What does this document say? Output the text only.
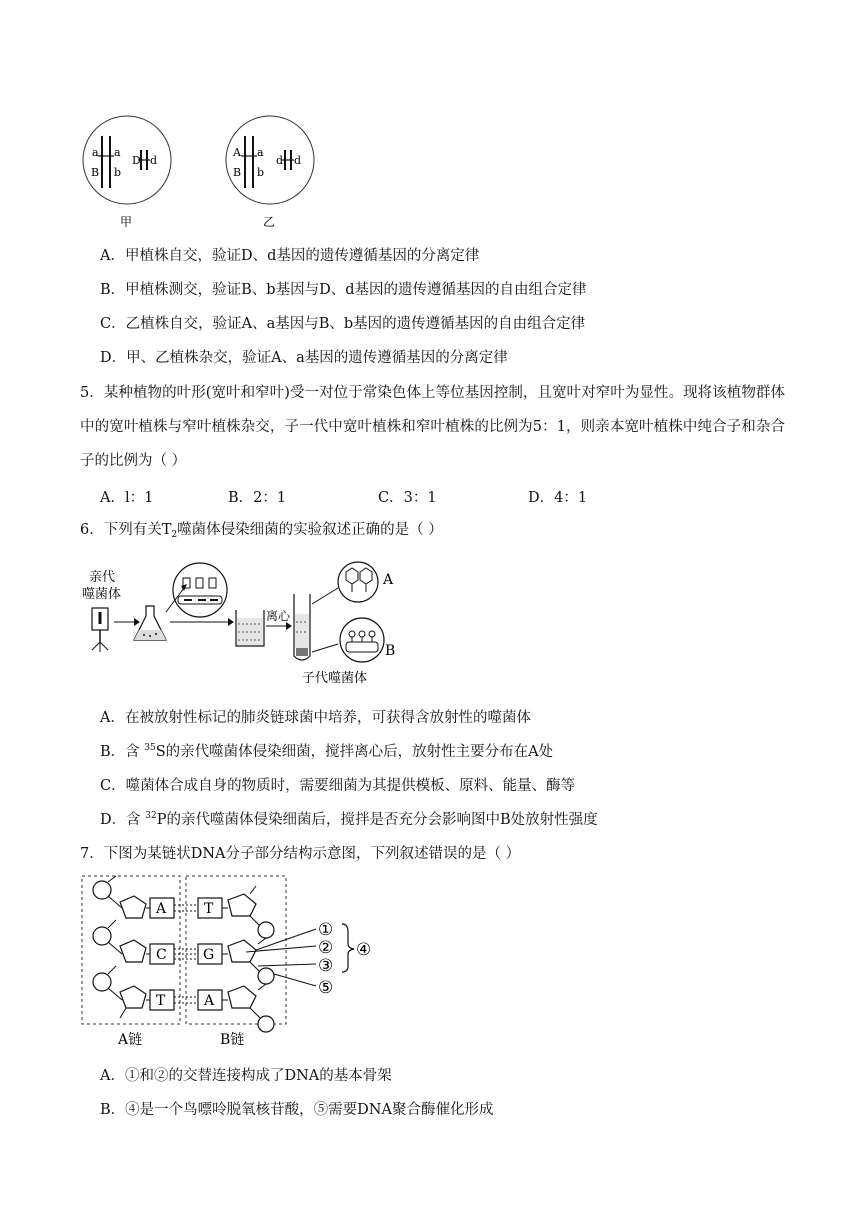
a a
B b
D d
甲
A a
B b
d d
乙
A．甲植株自交，验证D、d基因的遗传遵循基因的分离定律
B．甲植株测交，验证B、b基因与D、d基因的遗传遵循基因的自由组合定律
C．乙植株自交，验证A、a基因与B、b基因的遗传遵循基因的自由组合定律
D．甲、乙植株杂交，验证A、a基因的遗传遵循基因的分离定律
5．某种植物的叶形(宽叶和窄叶)受一对位于常染色体上等位基因控制，且宽叶对窄叶为显性。现将该植物群体中的宽叶植株与窄叶植株杂交，子一代中宽叶植株和窄叶植株的比例为5：1，则亲本宽叶植株中纯合子和杂合子的比例为（ ）
A．l：1	B．2：1	C．3：1	D．4：1
6．下列有关$T_2$噬菌体侵染细菌的实验叙述正确的是（ ）
亲代
噬菌体
离心
A
B
子代噬菌体
A．在被放射性标记的肺炎链球菌中培养，可获得含放射性的噬菌体
B．含 $^{35}$S的亲代噬菌体侵染细菌，搅拌离心后，放射性主要分布在A处
C．噬菌体合成自身的物质时，需要细菌为其提供模板、原料、能量、酶等
D．含 $^{32}$P的亲代噬菌体侵染细菌后，搅拌是否充分会影响图中B处放射性强度
7．下图为某链状DNA分子部分结构示意图，下列叙述错误的是（ ）
A
C
T
T
G
A
①
②
③
⑤
④
A链	B链
A．①和②的交替连接构成了DNA的基本骨架
B．④是一个鸟嘌呤脱氧核苷酸，⑤需要DNA聚合酶催化形成
